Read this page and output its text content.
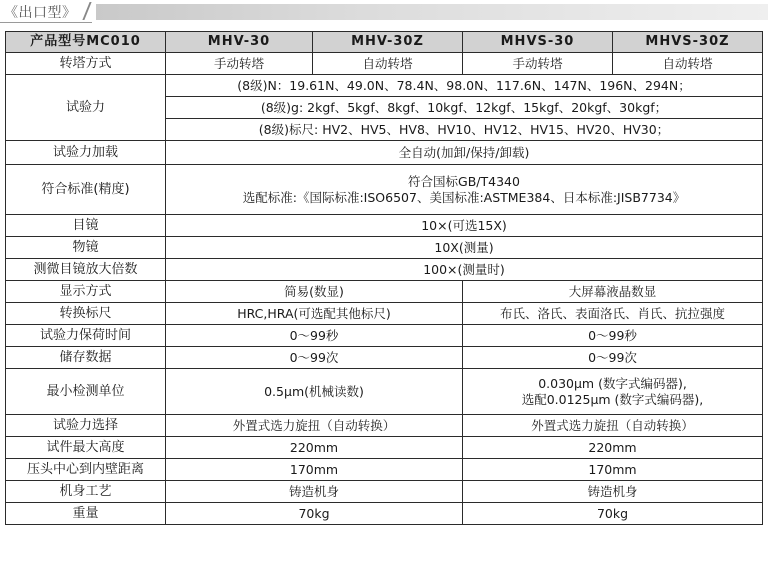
《出口型》
产品型号MC010	MHV-30	MHV-30Z	MHVS-30	MHVS-30Z
转塔方式	手动转塔	自动转塔	手动转塔	自动转塔
试验力	(8级)N：19.61N、49.0N、78.4N、98.0N、117.6N、147N、196N、294N；			
	(8级)g: 2kgf、5kgf、8kgf、10kgf、12kgf、15kgf、20kgf、30kgf；			
	(8级)标尺: HV2、HV5、HV8、HV10、HV12、HV15、HV20、HV30；			
试验力加载	全自动(加卸/保持/卸载)			
符合标准(精度)	符合国标GB/T4340
选配标准:《国际标准:ISO6507、美国标准:ASTME384、日本标准:JISB7734》			

目镜	10×(可选15X)			
物镜	10X(测量)			
测微目镜放大倍数	100×(测量时)			
显示方式	简易(数显)		大屏幕液晶数显	
转换标尺	HRC,HRA(可选配其他标尺)		布氏、洛氏、表面洛氏、肖氏、抗拉强度	
试验力保荷时间	0～99秒		0～99秒	
储存数据	0～99次		0～99次	
最小检测单位	0.5μm(机械读数)		0.030μm (数字式编码器),
选配0.0125μm (数字式编码器),	

试验力选择	外置式选力旋扭（自动转换）		外置式选力旋扭（自动转换）	
试件最大高度	220mm		220mm	
压头中心到内壁距离	170mm		170mm	
机身工艺	铸造机身		铸造机身	
重量	70kg		70kg	
